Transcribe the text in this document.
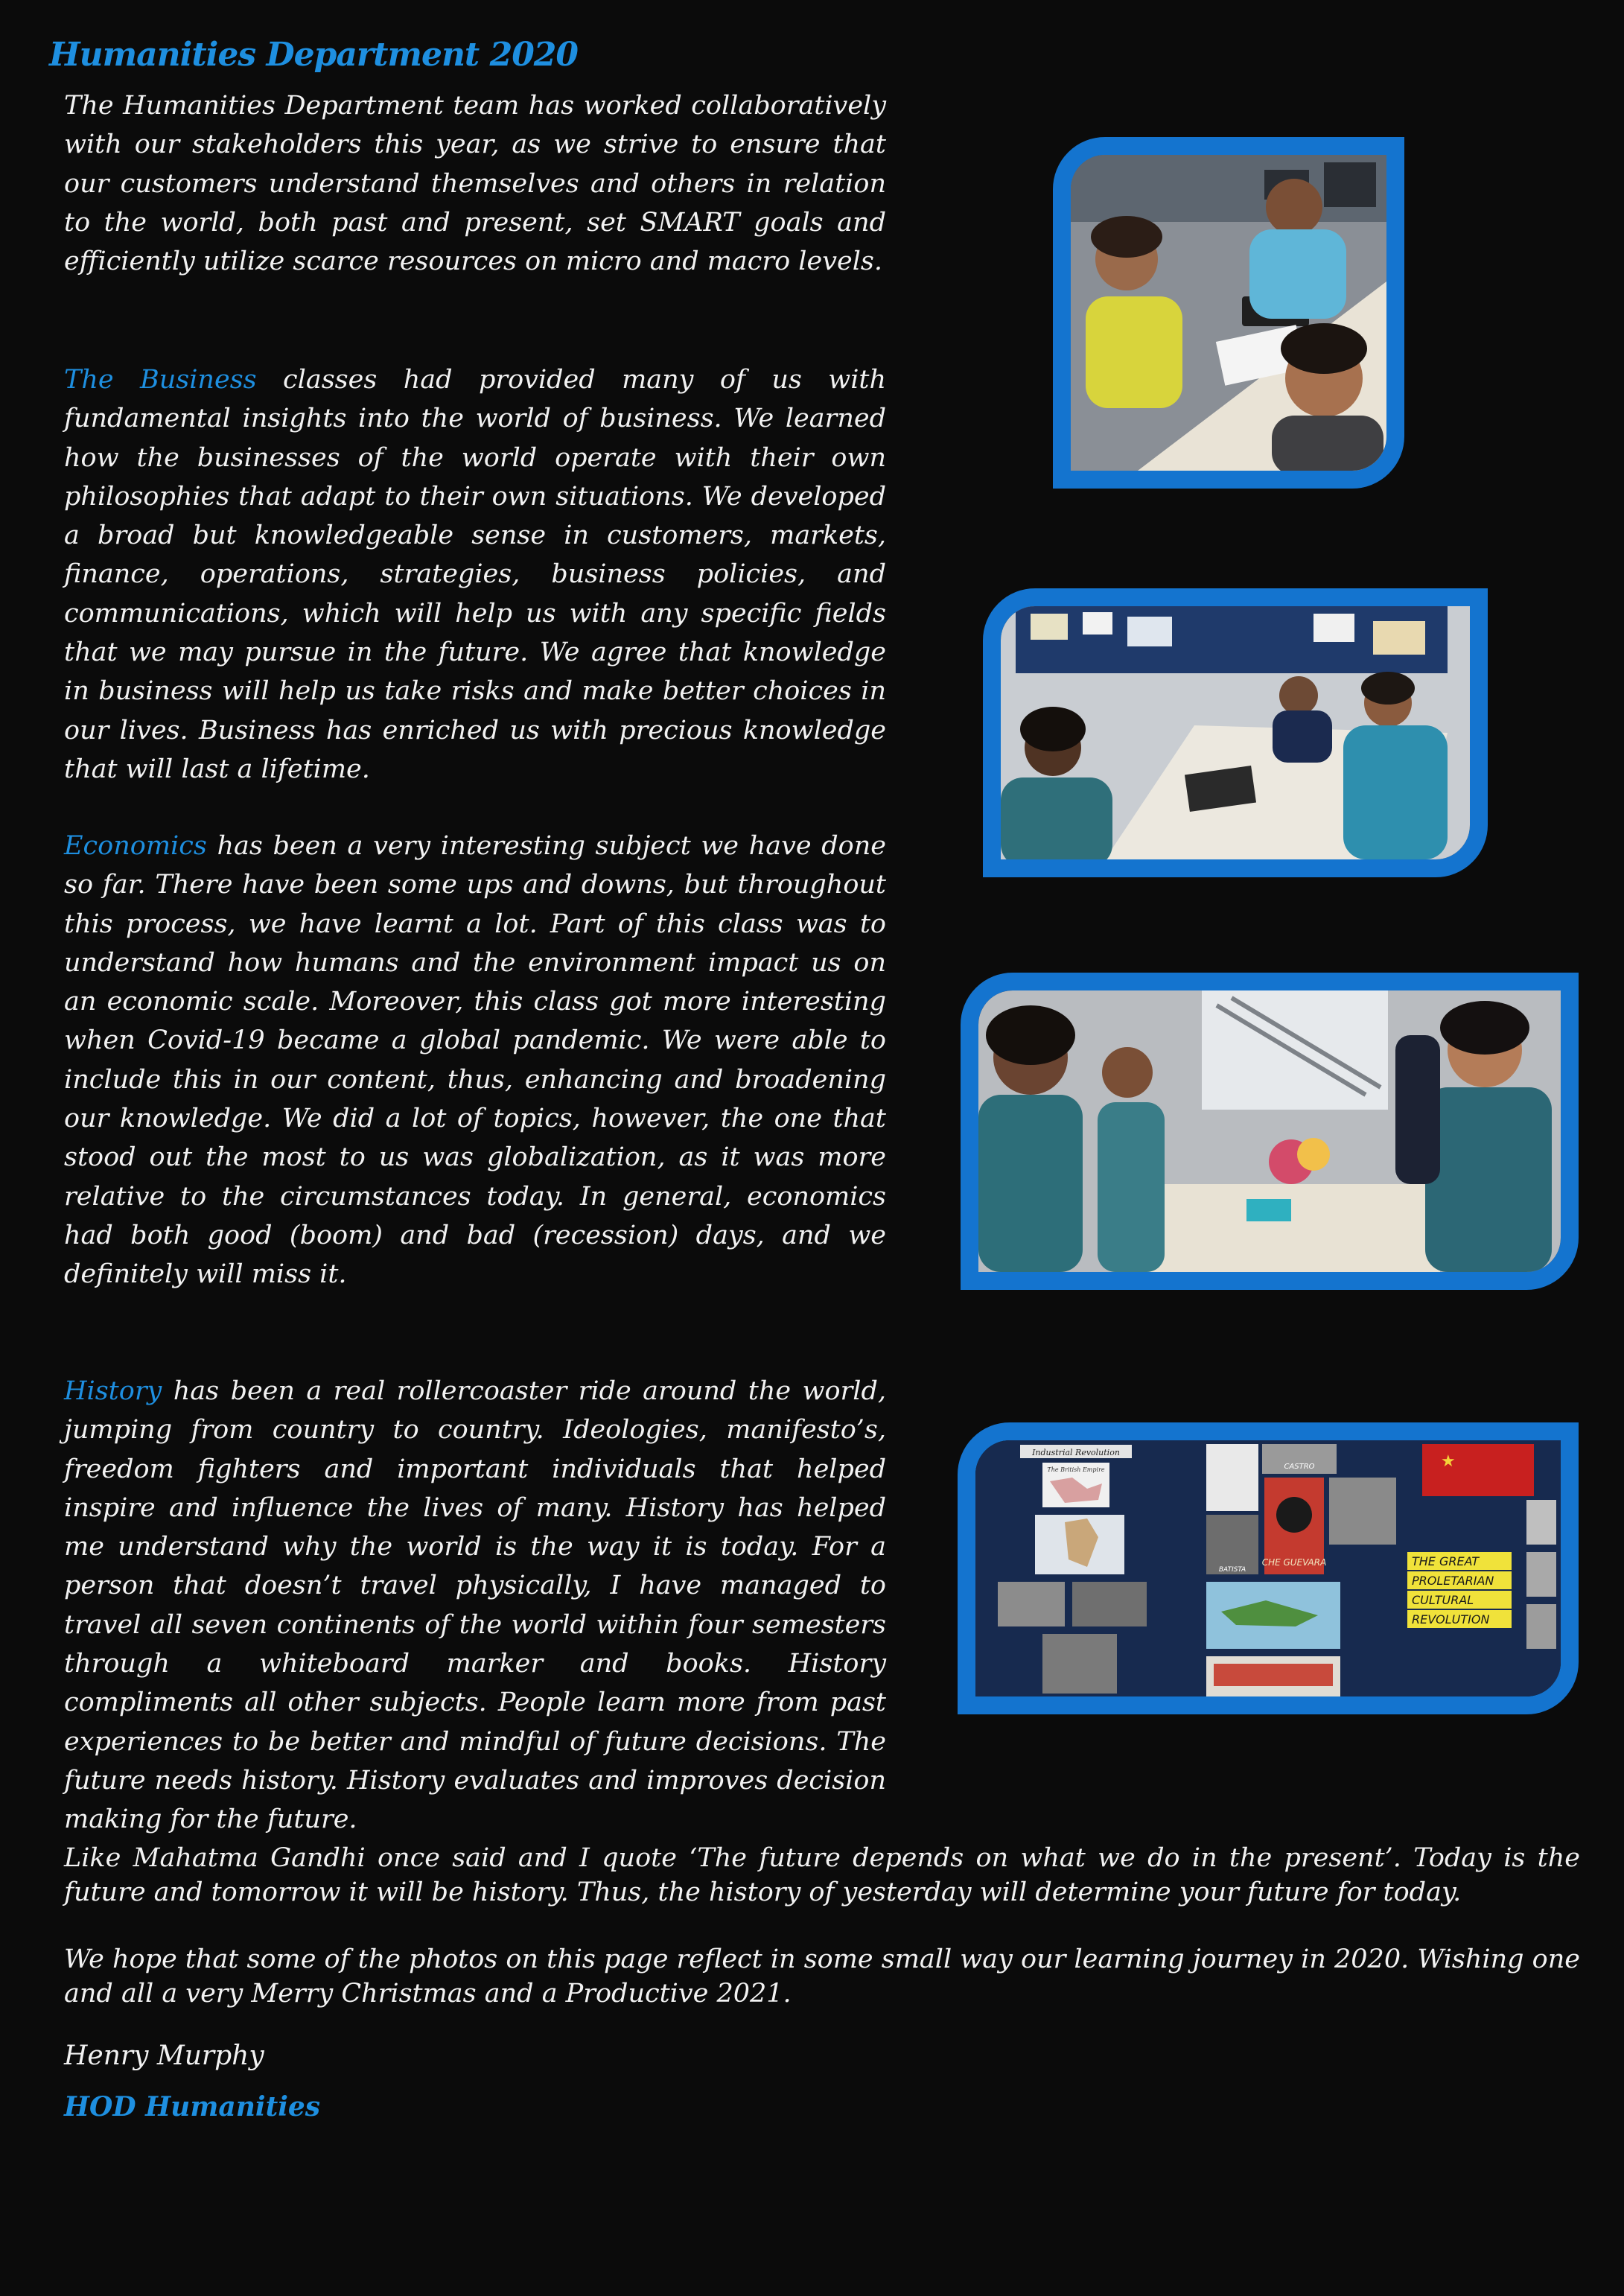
Humanities Department 2020

The Humanities Department team has worked collaboratively with our stakeholders this year, as we strive to ensure that our customers understand themselves and others in relation to the world, both past and present, set SMART goals and efficiently utilize scarce resources on micro and macro levels.

The Business classes had provided many of us with fundamental insights into the world of business. We learned how the businesses of the world operate with their own philosophies that adapt to their own situations. We developed a broad but knowledgeable sense in customers, markets, finance, operations, strategies, business policies, and communications, which will help us with any specific fields that we may pursue in the future. We agree that knowledge in business will help us take risks and make better choices in our lives. Business has enriched us with precious knowledge that will last a lifetime.

Economics has been a very interesting subject we have done so far. There have been some ups and downs, but throughout this process, we have learnt a lot. Part of this class was to understand how humans and the environment impact us on an economic scale. Moreover, this class got more interesting when Covid-19 became a global pandemic. We were able to include this in our content, thus, enhancing and broadening our knowledge. We did a lot of topics, however, the one that stood out the most to us was globalization, as it was more relative to the circumstances today. In general, economics had both good (boom) and bad (recession) days, and we definitely will miss it.

History has been a real rollercoaster ride around the world, jumping from country to country. Ideologies, manifesto’s, freedom fighters and important individuals that helped inspire and influence the lives of many. History has helped me understand why the world is the way it is today. For a person that doesn’t travel physically, I have managed to travel all seven continents of the world within four semesters through a whiteboard marker and books. History compliments all other subjects. People learn more from past experiences to be better and mindful of future decisions. The future needs history. History evaluates and improves decision making for the future.

Like Mahatma Gandhi once said and I quote ‘The future depends on what we do in the present’. Today is the future and tomorrow it will be history. Thus, the history of yesterday will determine your future for today.

We hope that some of the photos on this page reflect in some small way our learning journey in 2020. Wishing one and all a very Merry Christmas and a Productive 2021.

Henry Murphy

HOD Humanities

Industrial Revolution
The British Empire	CASTRO
BATISTA
CHE GUEVARA
★
THE GREAT
PROLETARIAN
CULTURAL
REVOLUTION
